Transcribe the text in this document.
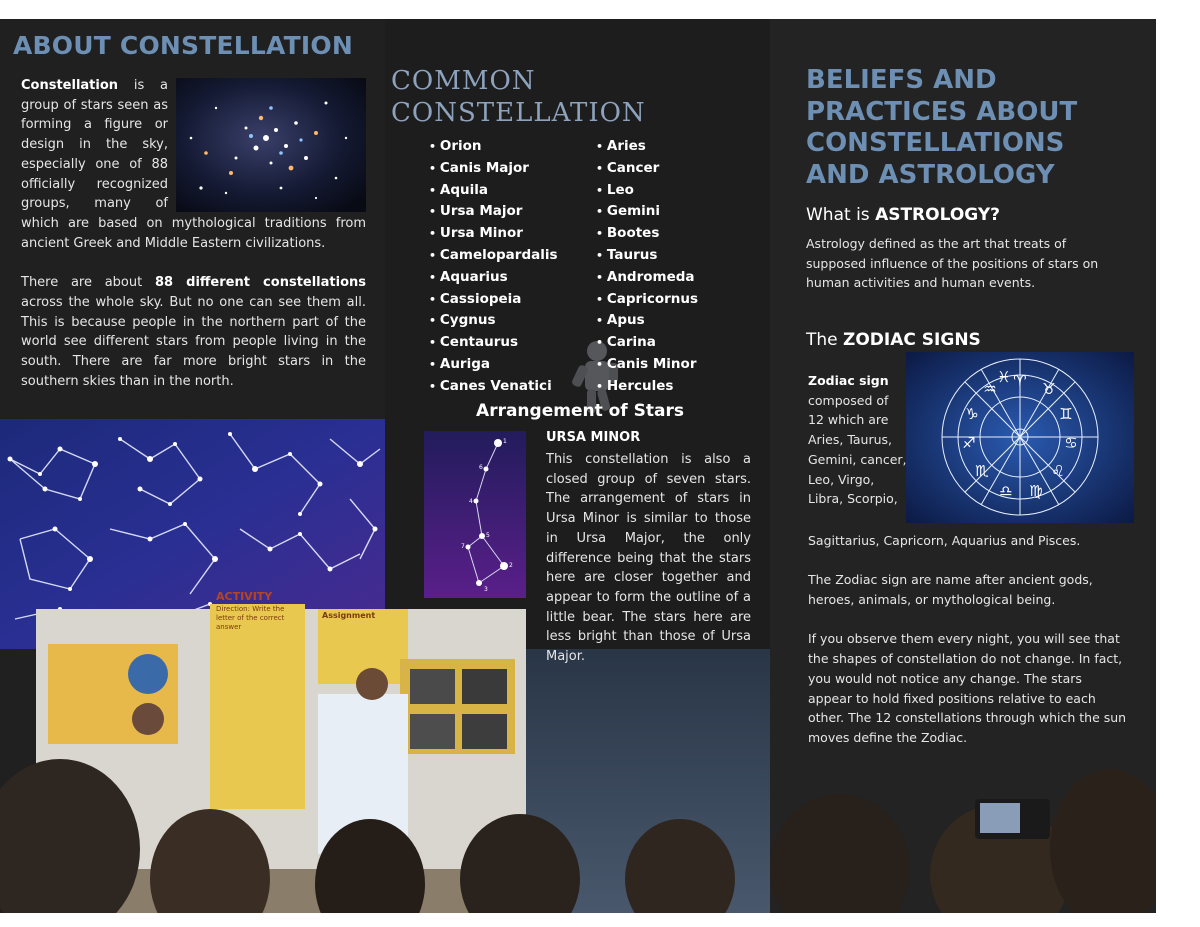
ACTIVITY
Direction: Write the letter of the correct answer
Assignment
ABOUT CONSTELLATION

Constellation is a group of stars seen as forming a figure or design in the sky, especially one of 88 officially recognized groups, many of which are based on mythological traditions from ancient Greek and Middle Eastern civilizations.

There are about 88 different constellations across the whole sky. But no one can see them all. This is because people in the northern part of the world see different stars from people living in the south. There are far more bright stars in the southern skies than in the north.

COMMON
CONSTELLATION
• Orion
• Canis Major
• Aquila
• Ursa Major
• Ursa Minor
• Camelopardalis
• Aquarius
• Cassiopeia
• Cygnus
• Centaurus
• Auriga
• Canes Venatici
• Aries
• Cancer
• Leo
• Gemini
• Bootes
• Taurus
• Andromeda
• Capricornus
• Apus
• Carina
• Canis Minor
• Hercules
Arrangement of Stars
1
6
4
5
7
2
3
URSA MINOR

This constellation is also a closed group of seven stars. The arrangement of stars in Ursa Minor is similar to those in Ursa Major, the only difference being that the stars here are closer together and appear to form the outline of a little bear. The stars here are less bright than those of Ursa Major.

BELIEFS AND
PRACTICES ABOUT
CONSTELLATIONS
AND ASTROLOGY
What is ASTROLOGY?

Astrology defined as the art that treats of supposed influence of the positions of stars on human activities and human events.

The ZODIAC SIGNS
♈ ♉
♊
♋
♌
♍
♎
♏
♐
♑
♒
♓

Zodiac sign
composed of 12 which are Aries, Taurus, Gemini, cancer, Leo, Virgo, Libra, Scorpio,

Sagittarius, Capricorn, Aquarius and Pisces.

The Zodiac sign are name after ancient gods, heroes, animals, or mythological being.

If you observe them every night, you will see that the shapes of constellation do not change. In fact, you would not notice any change. The stars appear to hold fixed positions relative to each other. The 12 constellations through which the sun moves define the Zodiac.
